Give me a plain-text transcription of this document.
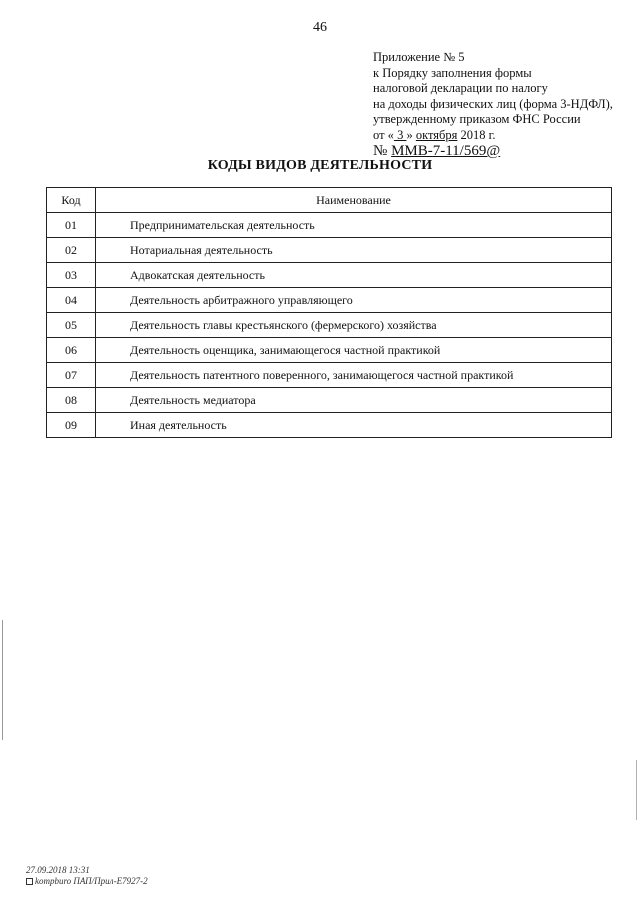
46
Приложение № 5
к Порядку заполнения формы
налоговой декларации по налогу
на доходы физических лиц (форма 3-НДФЛ),
утвержденному приказом ФНС России
от « 3 » октября 2018 г.
№ ММВ-7-11/569@
КОДЫ ВИДОВ ДЕЯТЕЛЬНОСТИ
Код	Наименование
01	Предпринимательская деятельность
02	Нотариальная деятельность
03	Адвокатская деятельность
04	Деятельность арбитражного управляющего
05	Деятельность главы крестьянского (фермерского) хозяйства
06	Деятельность оценщика, занимающегося частной практикой
07	Деятельность патентного поверенного, занимающегося частной практикой
08	Деятельность медиатора
09	Иная деятельность
27.09.2018 13:31
kompburo ПАП/Прил-Е7927-2
